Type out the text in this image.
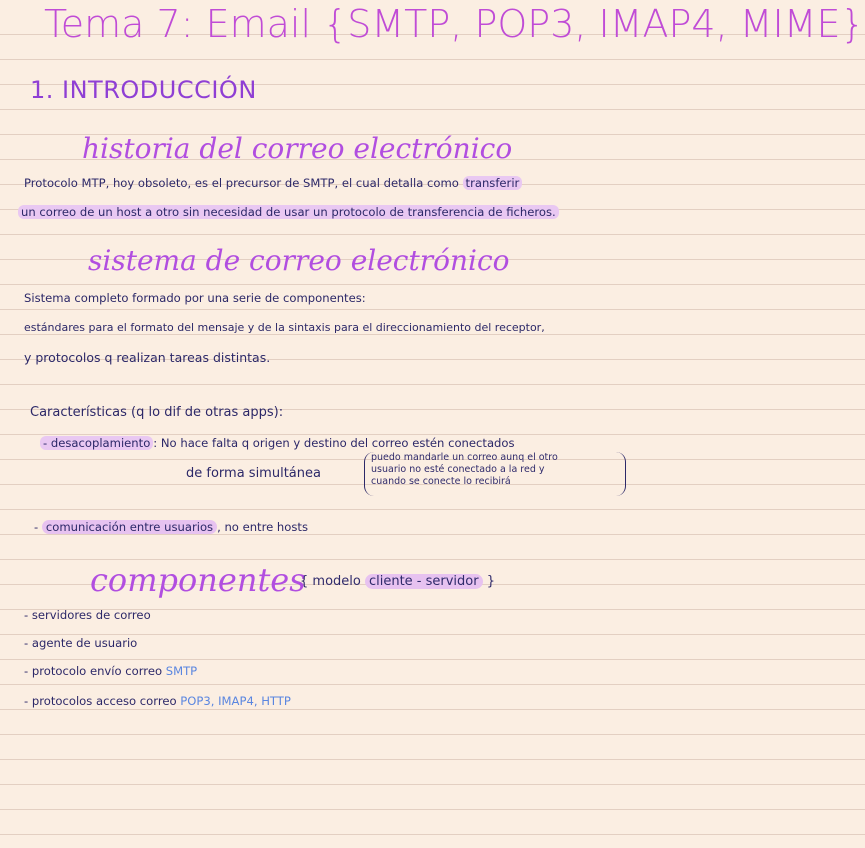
Tema 7: Email {SMTP, POP3, IMAP4, MIME}
1. INTRODUCCIÓN
historia del correo electrónico
Protocolo MTP, hoy obsoleto, es el precursor de SMTP, el cual detalla como transferir
un correo de un host a otro sin necesidad de usar un protocolo de transferencia de ficheros.
sistema de correo electrónico
Sistema completo formado por una serie de componentes:
estándares para el formato del mensaje y de la sintaxis para el direccionamiento del receptor,
y protocolos q realizan tareas distintas.
Características (q lo dif de otras apps):
- desacoplamiento : No hace falta q origen y destino del correo estén conectados
de forma simultánea
puedo mandarle un correo aunq el otro
usuario no esté conectado a la red y
cuando se conecte lo recibirá
- comunicación entre usuarios , no entre hosts
componentes
{ modelo cliente - servidor }
- servidores de correo
- agente de usuario
- protocolo envío correo SMTP
- protocolos acceso correo POP3, IMAP4, HTTP
